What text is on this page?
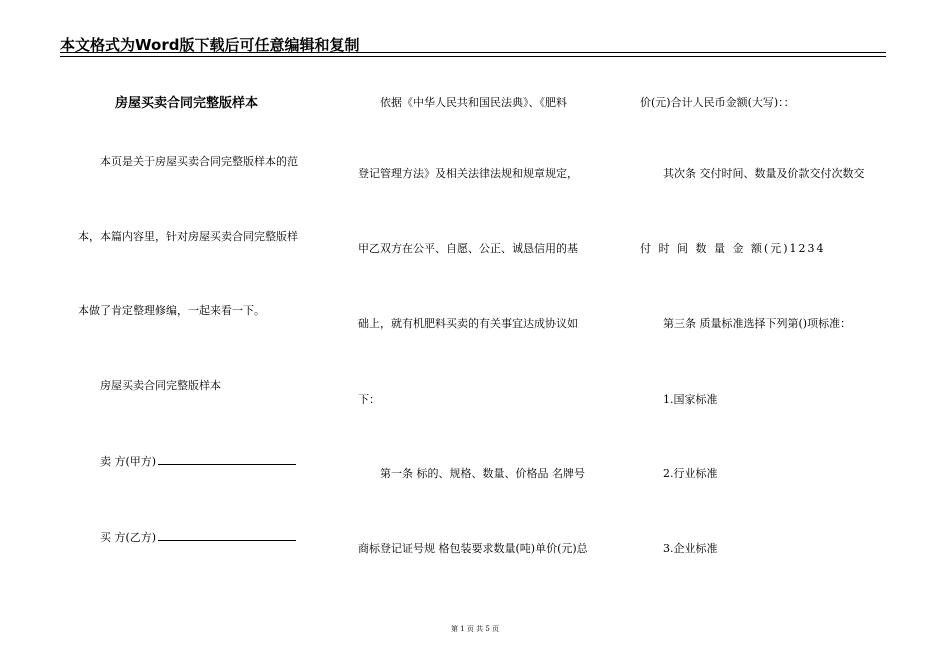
本文格式为Word版下载后可任意编辑和复制
房屋买卖合同完整版样本
本页是关于房屋买卖合同完整版样本的范
本，本篇内容里，针对房屋买卖合同完整版样
本做了肯定整理修编，一起来看一下。
房屋买卖合同完整版样本
卖 方(甲方)
买 方(乙方)
依据《中华人民共和国民法典》、《肥料
登记管理方法》及相关法律法规和规章规定，
甲乙双方在公平、自愿、公正、诚恳信用的基
础上，就有机肥料买卖的有关事宜达成协议如
下：
第一条 标的、规格、数量、价格品 名牌号
商标登记证号规 格包装要求数量(吨)单价(元)总
价(元)合计人民币金额(大写)：：
其次条 交付时间、数量及价款交付次数交
付 时 间 数 量 金 额(元)1234
第三条 质量标准选择下列第()项标准：
1.国家标准
2.行业标准
3.企业标准
第 1 页 共 5 页
